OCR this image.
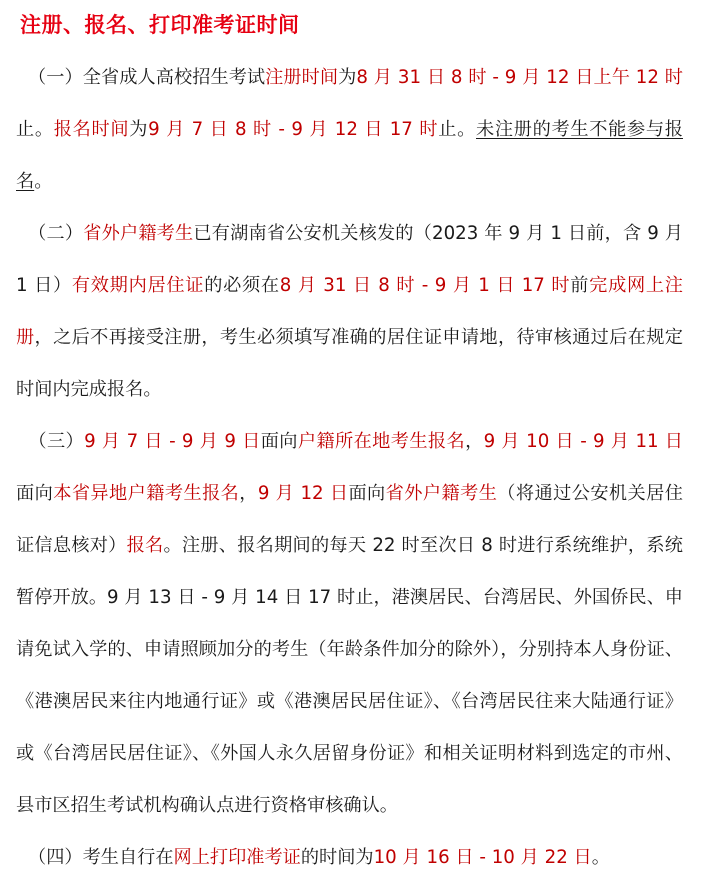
注册、报名、打印准考证时间

（一）全省成人高校招生考试注册时间为8 月 31 日 8 时 - 9 月 12 日上午 12 时止。报名时间为9 月 7 日 8 时 - 9 月 12 日 17 时止。未注册的考生不能参与报名。

（二）省外户籍考生已有湖南省公安机关核发的（2023 年 9 月 1 日前，含 9 月 1 日）有效期内居住证的必须在8 月 31 日 8 时 - 9 月 1 日 17 时前完成网上注册，之后不再接受注册，考生必须填写准确的居住证申请地，待审核通过后在规定时间内完成报名。

（三）9 月 7 日 - 9 月 9 日面向户籍所在地考生报名，9 月 10 日 - 9 月 11 日面向本省异地户籍考生报名，9 月 12 日面向省外户籍考生（将通过公安机关居住证信息核对）报名。注册、报名期间的每天 22 时至次日 8 时进行系统维护，系统暂停开放。9 月 13 日 - 9 月 14 日 17 时止，港澳居民、台湾居民、外国侨民、申请免试入学的、申请照顾加分的考生（年龄条件加分的除外），分别持本人身份证、《港澳居民来往内地通行证》或《港澳居民居住证》、《台湾居民往来大陆通行证》或《台湾居民居住证》、《外国人永久居留身份证》和相关证明材料到选定的市州、县市区招生考试机构确认点进行资格审核确认。

（四）考生自行在网上打印准考证的时间为10 月 16 日 - 10 月 22 日。
